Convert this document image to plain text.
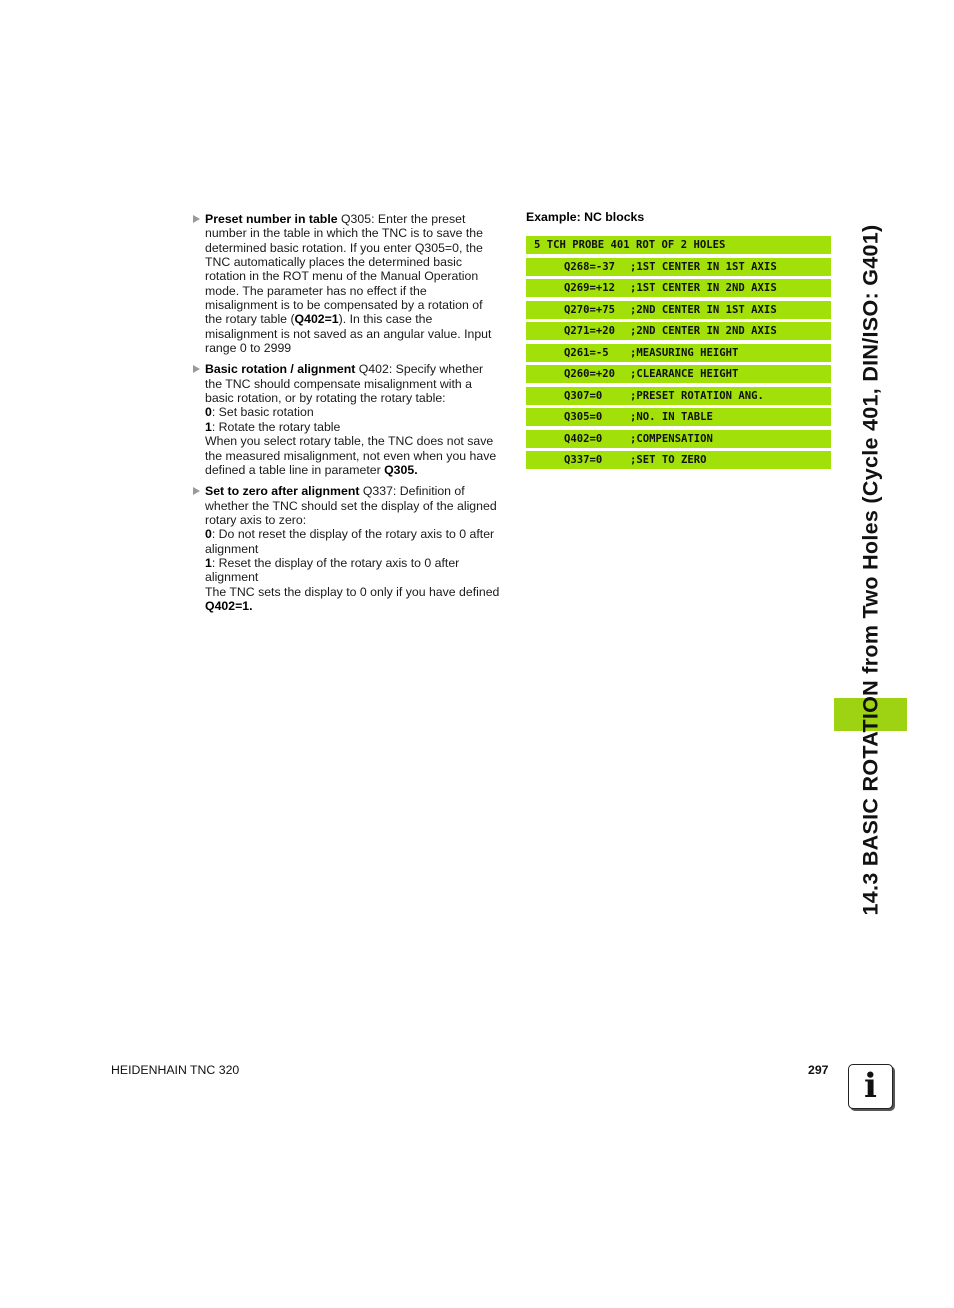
Preset number in table Q305: Enter the preset
number in the table in which the TNC is to save the
determined basic rotation. If you enter Q305=0, the
TNC automatically places the determined basic
rotation in the ROT menu of the Manual Operation
mode. The parameter has no effect if the
misalignment is to be compensated by a rotation of
the rotary table (Q402=1). In this case the
misalignment is not saved as an angular value. Input
range 0 to 2999
Basic rotation / alignment Q402: Specify whether
the TNC should compensate misalignment with a
basic rotation, or by rotating the rotary table:
0: Set basic rotation
1: Rotate the rotary table
When you select rotary table, the TNC does not save
the measured misalignment, not even when you have
defined a table line in parameter Q305.
Set to zero after alignment Q337: Definition of
whether the TNC should set the display of the aligned
rotary axis to zero:
0: Do not reset the display of the rotary axis to 0 after
alignment
1: Reset the display of the rotary axis to 0 after
alignment
The TNC sets the display to 0 only if you have defined
Q402=1.
Example: NC blocks
5 TCH PROBE 401 ROT OF 2 HOLES
Q268=-37 ;1ST CENTER IN 1ST AXIS
Q269=+12 ;1ST CENTER IN 2ND AXIS
Q270=+75 ;2ND CENTER IN 1ST AXIS
Q271=+20 ;2ND CENTER IN 2ND AXIS
Q261=-5 ;MEASURING HEIGHT
Q260=+20 ;CLEARANCE HEIGHT
Q307=0	;PRESET ROTATION ANG.
Q305=0	;NO. IN TABLE
Q402=0	;COMPENSATION
Q337=0	;SET TO ZERO	14.3 BASIC ROTATION from Two Holes (Cycle 401, DIN/ISO: G401)
HEIDENHAIN TNC 320	297	i
